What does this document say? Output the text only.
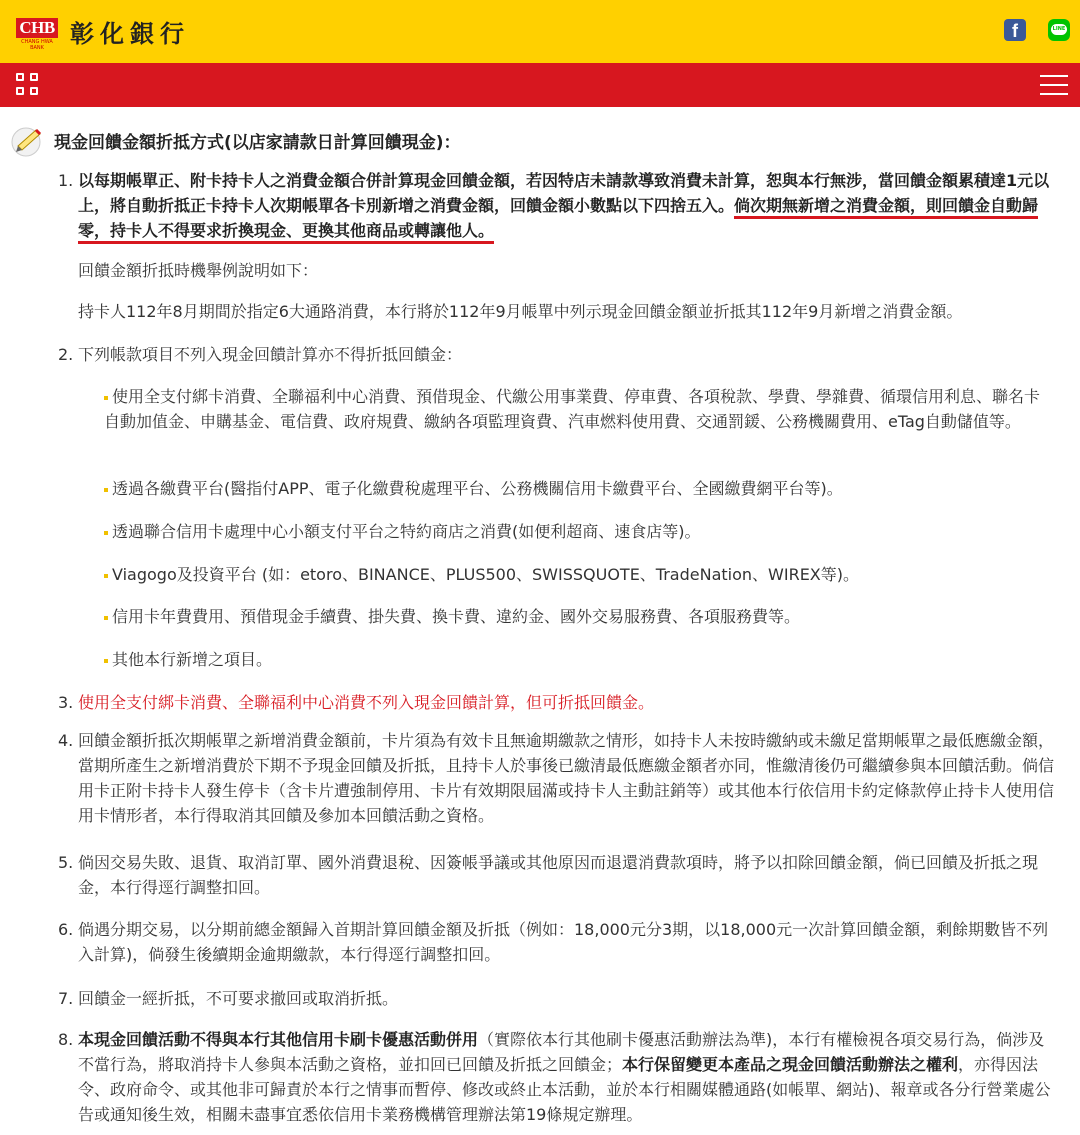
CHB
CHANG HWA BANK	彰化銀行	f	LINE
現金回饋金額折抵方式(以店家請款日計算回饋現金)：
1. 以每期帳單正、附卡持卡人之消費金額合併計算現金回饋金額，若因特店未請款導致消費未計算，恕與本行無涉，當回饋金額累積達1元以上，將自動折抵正卡持卡人次期帳單各卡別新增之消費金額，回饋金額小數點以下四捨五入。倘次期無新增之消費金額，則回饋金自動歸零，持卡人不得要求折換現金、更換其他商品或轉讓他人。
回饋金額折抵時機舉例說明如下：
持卡人112年8月期間於指定6大通路消費，本行將於112年9月帳單中列示現金回饋金額並折抵其112年9月新增之消費金額。
2. 下列帳款項目不列入現金回饋計算亦不得折抵回饋金：
使用全支付綁卡消費、全聯福利中心消費、預借現金、代繳公用事業費、停車費、各項稅款、學費、學雜費、循環信用利息、聯名卡自動加值金、申購基金、電信費、政府規費、繳納各項監理資費、汽車燃料使用費、交通罰鍰、公務機關費用、eTag自動儲值等。
透過各繳費平台(醫指付APP、電子化繳費稅處理平台、公務機關信用卡繳費平台、全國繳費網平台等)。
透過聯合信用卡處理中心小額支付平台之特約商店之消費(如便利超商、速食店等)。
Viagogo及投資平台 (如：etoro、BINANCE、PLUS500、SWISSQUOTE、TradeNation、WIREX等)。
信用卡年費費用、預借現金手續費、掛失費、換卡費、違約金、國外交易服務費、各項服務費等。
其他本行新增之項目。
3. 使用全支付綁卡消費、全聯福利中心消費不列入現金回饋計算，但可折抵回饋金。
4. 回饋金額折抵次期帳單之新增消費金額前，卡片須為有效卡且無逾期繳款之情形，如持卡人未按時繳納或未繳足當期帳單之最低應繳金額，當期所產生之新增消費於下期不予現金回饋及折抵，且持卡人於事後已繳清最低應繳金額者亦同，惟繳清後仍可繼續參與本回饋活動。倘信用卡正附卡持卡人發生停卡（含卡片遭強制停用、卡片有效期限屆滿或持卡人主動註銷等）或其他本行依信用卡約定條款停止持卡人使用信用卡情形者，本行得取消其回饋及參加本回饋活動之資格。
5. 倘因交易失敗、退貨、取消訂單、國外消費退稅、因簽帳爭議或其他原因而退還消費款項時，將予以扣除回饋金額，倘已回饋及折抵之現金，本行得逕行調整扣回。
6. 倘遇分期交易，以分期前總金額歸入首期計算回饋金額及折抵（例如：18,000元分3期，以18,000元一次計算回饋金額，剩餘期數皆不列入計算)，倘發生後續期金逾期繳款，本行得逕行調整扣回。
7. 回饋金一經折抵，不可要求撤回或取消折抵。
8. 本現金回饋活動不得與本行其他信用卡刷卡優惠活動併用（實際依本行其他刷卡優惠活動辦法為準)，本行有權檢視各項交易行為，倘涉及不當行為，將取消持卡人參與本活動之資格，並扣回已回饋及折抵之回饋金；本行保留變更本產品之現金回饋活動辦法之權利，亦得因法令、政府命令、或其他非可歸責於本行之情事而暫停、修改或終止本活動，並於本行相關媒體通路(如帳單、網站)、報章或各分行營業處公告或通知後生效，相關未盡事宜悉依信用卡業務機構管理辦法第19條規定辦理。
